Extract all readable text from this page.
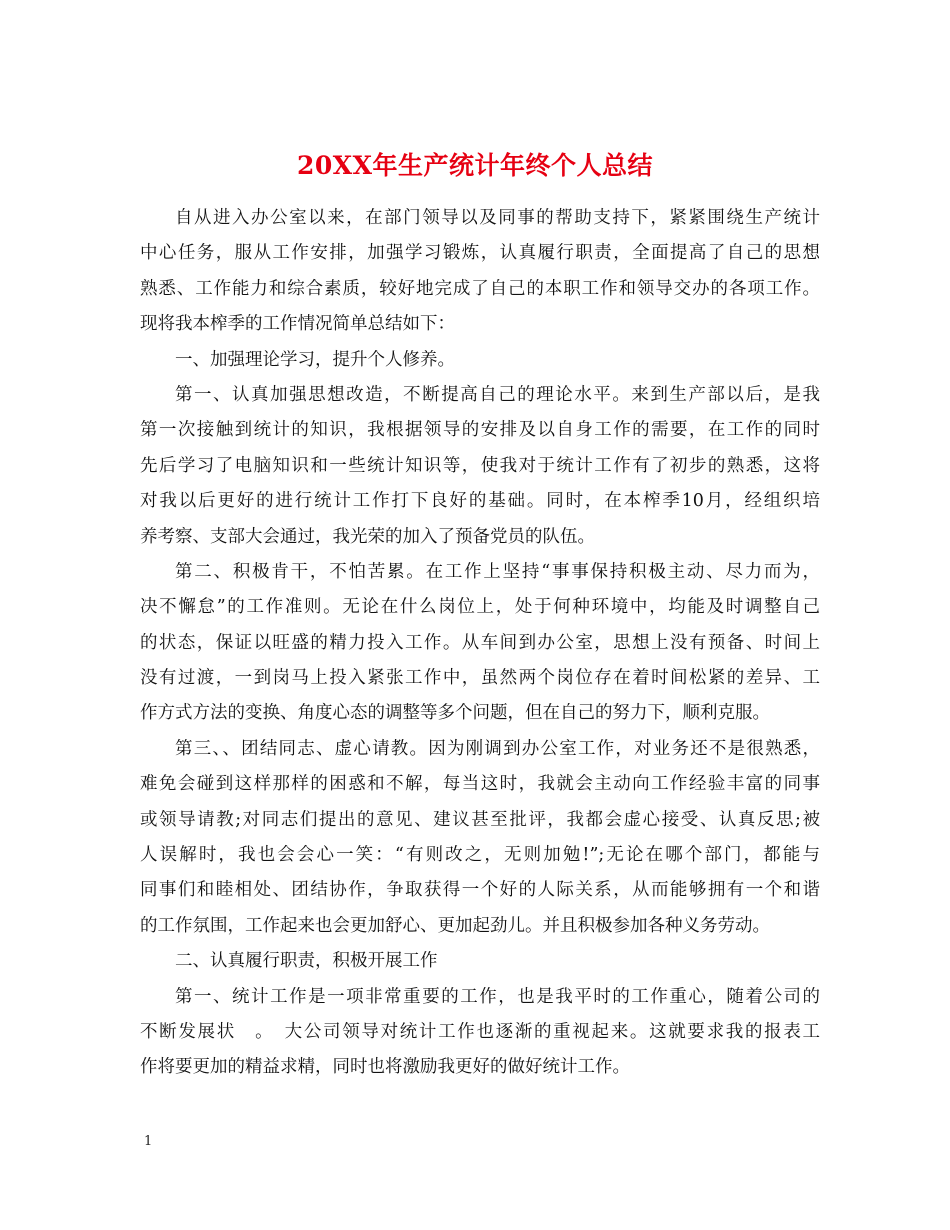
20XX年生产统计年终个人总结
自从进入办公室以来，在部门领导以及同事的帮助支持下，紧紧围绕生产统计
中心任务，服从工作安排，加强学习锻炼，认真履行职责，全面提高了自己的思想
熟悉、工作能力和综合素质，较好地完成了自己的本职工作和领导交办的各项工作。
现将我本榨季的工作情况简单总结如下：
一、加强理论学习，提升个人修养。
第一、认真加强思想改造，不断提高自己的理论水平。来到生产部以后，是我
第一次接触到统计的知识，我根据领导的安排及以自身工作的需要，在工作的同时
先后学习了电脑知识和一些统计知识等，使我对于统计工作有了初步的熟悉，这将
对我以后更好的进行统计工作打下良好的基础。同时，在本榨季10月，经组织培
养考察、支部大会通过，我光荣的加入了预备党员的队伍。
第二、积极肯干，不怕苦累。在工作上坚持“事事保持积极主动、尽力而为，
决不懈怠”的工作准则。无论在什么岗位上，处于何种环境中，均能及时调整自己
的状态，保证以旺盛的精力投入工作。从车间到办公室，思想上没有预备、时间上
没有过渡，一到岗马上投入紧张工作中，虽然两个岗位存在着时间松紧的差异、工
作方式方法的变换、角度心态的调整等多个问题，但在自己的努力下，顺利克服。
第三、、团结同志、虚心请教。因为刚调到办公室工作，对业务还不是很熟悉，
难免会碰到这样那样的困惑和不解，每当这时，我就会主动向工作经验丰富的同事
或领导请教;对同志们提出的意见、建议甚至批评，我都会虚心接受、认真反思;被
人误解时，我也会会心一笑：“有则改之，无则加勉!”;无论在哪个部门，都能与
同事们和睦相处、团结协作，争取获得一个好的人际关系，从而能够拥有一个和谐
的工作氛围，工作起来也会更加舒心、更加起劲儿。并且积极参加各种义务劳动。
二、认真履行职责，积极开展工作
第一、统计工作是一项非常重要的工作，也是我平时的工作重心，随着公司的
不断发展状　。　大公司领导对统计工作也逐渐的重视起来。这就要求我的报表工
作将要更加的精益求精，同时也将激励我更好的做好统计工作。
1
